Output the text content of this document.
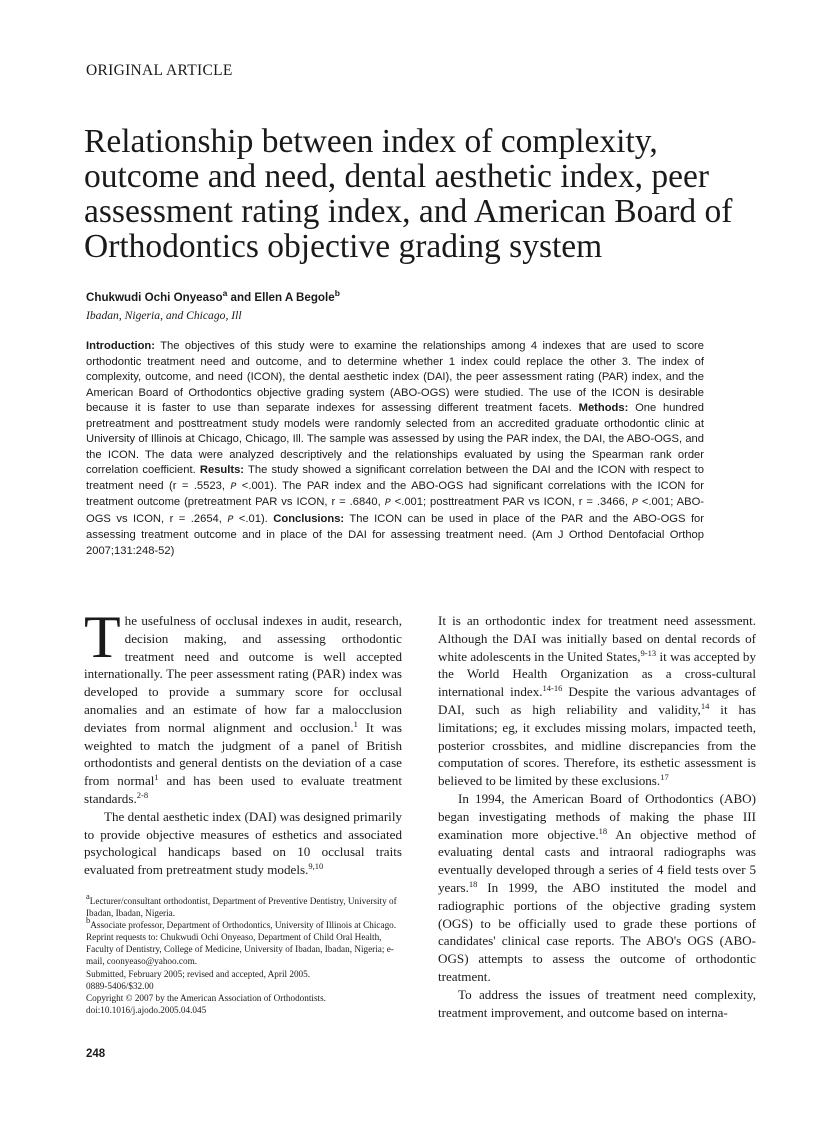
ORIGINAL ARTICLE
Relationship between index of complexity, outcome and need, dental aesthetic index, peer assessment rating index, and American Board of Orthodontics objective grading system
Chukwudi Ochi Onyeaso$^a$ and Ellen A Begole$^b$
Ibadan, Nigeria, and Chicago, Ill

Introduction: The objectives of this study were to examine the relationships among 4 indexes that are used to score orthodontic treatment need and outcome, and to determine whether 1 index could replace the other 3. The index of complexity, outcome, and need (ICON), the dental aesthetic index (DAI), the peer assessment rating (PAR) index, and the American Board of Orthodontics objective grading system (ABO-OGS) were studied. The use of the ICON is desirable because it is faster to use than separate indexes for assessing different treatment facets. Methods: One hundred pretreatment and posttreatment study models were randomly selected from an accredited graduate orthodontic clinic at University of Illinois at Chicago, Chicago, Ill. The sample was assessed by using the PAR index, the DAI, the ABO-OGS, and the ICON. The data were analyzed descriptively and the relationships evaluated by using the Spearman rank order correlation coefficient. Results: The study showed a significant correlation between the DAI and the ICON with respect to treatment need (r = .5523, P <.001). The PAR index and the ABO-OGS had significant correlations with the ICON for treatment outcome (pretreatment PAR vs ICON, r = .6840, P <.001; posttreatment PAR vs ICON, r = .3466, P <.001; ABO-OGS vs ICON, r = .2654, P <.01). Conclusions: The ICON can be used in place of the PAR and the ABO-OGS for assessing treatment outcome and in place of the DAI for assessing treatment need. (Am J Orthod Dentofacial Orthop 2007;131:248-52)

The usefulness of occlusal indexes in audit, research, decision making, and assessing orthodontic treatment need and outcome is well accepted internationally. The peer assessment rating (PAR) index was developed to provide a summary score for occlusal anomalies and an estimate of how far a malocclusion deviates from normal alignment and occlusion.$^1$ It was weighted to match the judgment of a panel of British orthodontists and general dentists on the deviation of a case from normal$^1$ and has been used to evaluate treatment standards.$^{2-8}$

The dental aesthetic index (DAI) was designed primarily to provide objective measures of esthetics and associated psychological handicaps based on 10 occlusal traits evaluated from pretreatment study models.$^{9,10}$

It is an orthodontic index for treatment need assessment. Although the DAI was initially based on dental records of white adolescents in the United States,$^{9-13}$ it was accepted by the World Health Organization as a cross-cultural international index.$^{14-16}$ Despite the various advantages of DAI, such as high reliability and validity,$^{14}$ it has limitations; eg, it excludes missing molars, impacted teeth, posterior crossbites, and midline discrepancies from the computation of scores. Therefore, its esthetic assessment is believed to be limited by these exclusions.$^{17}$

In 1994, the American Board of Orthodontics (ABO) began investigating methods of making the phase III examination more objective.$^{18}$ An objective method of evaluating dental casts and intraoral radiographs was eventually developed through a series of 4 field tests over 5 years.$^{18}$ In 1999, the ABO instituted the model and radiographic portions of the objective grading system (OGS) to be officially used to grade these portions of candidates' clinical case reports. The ABO's OGS (ABO-OGS) attempts to assess the outcome of orthodontic treatment.

To address the issues of treatment need complexity, treatment improvement, and outcome based on interna-

$^a$Lecturer/consultant orthodontist, Department of Preventive Dentistry, University of Ibadan, Ibadan, Nigeria.
$^b$Associate professor, Department of Orthodontics, University of Illinois at Chicago.
Reprint requests to: Chukwudi Ochi Onyeaso, Department of Child Oral Health, Faculty of Dentistry, College of Medicine, University of Ibadan, Ibadan, Nigeria; e-mail, coonyeaso@yahoo.com.
Submitted, February 2005; revised and accepted, April 2005.
0889-5406/$32.00
Copyright © 2007 by the American Association of Orthodontists.
doi:10.1016/j.ajodo.2005.04.045
248
